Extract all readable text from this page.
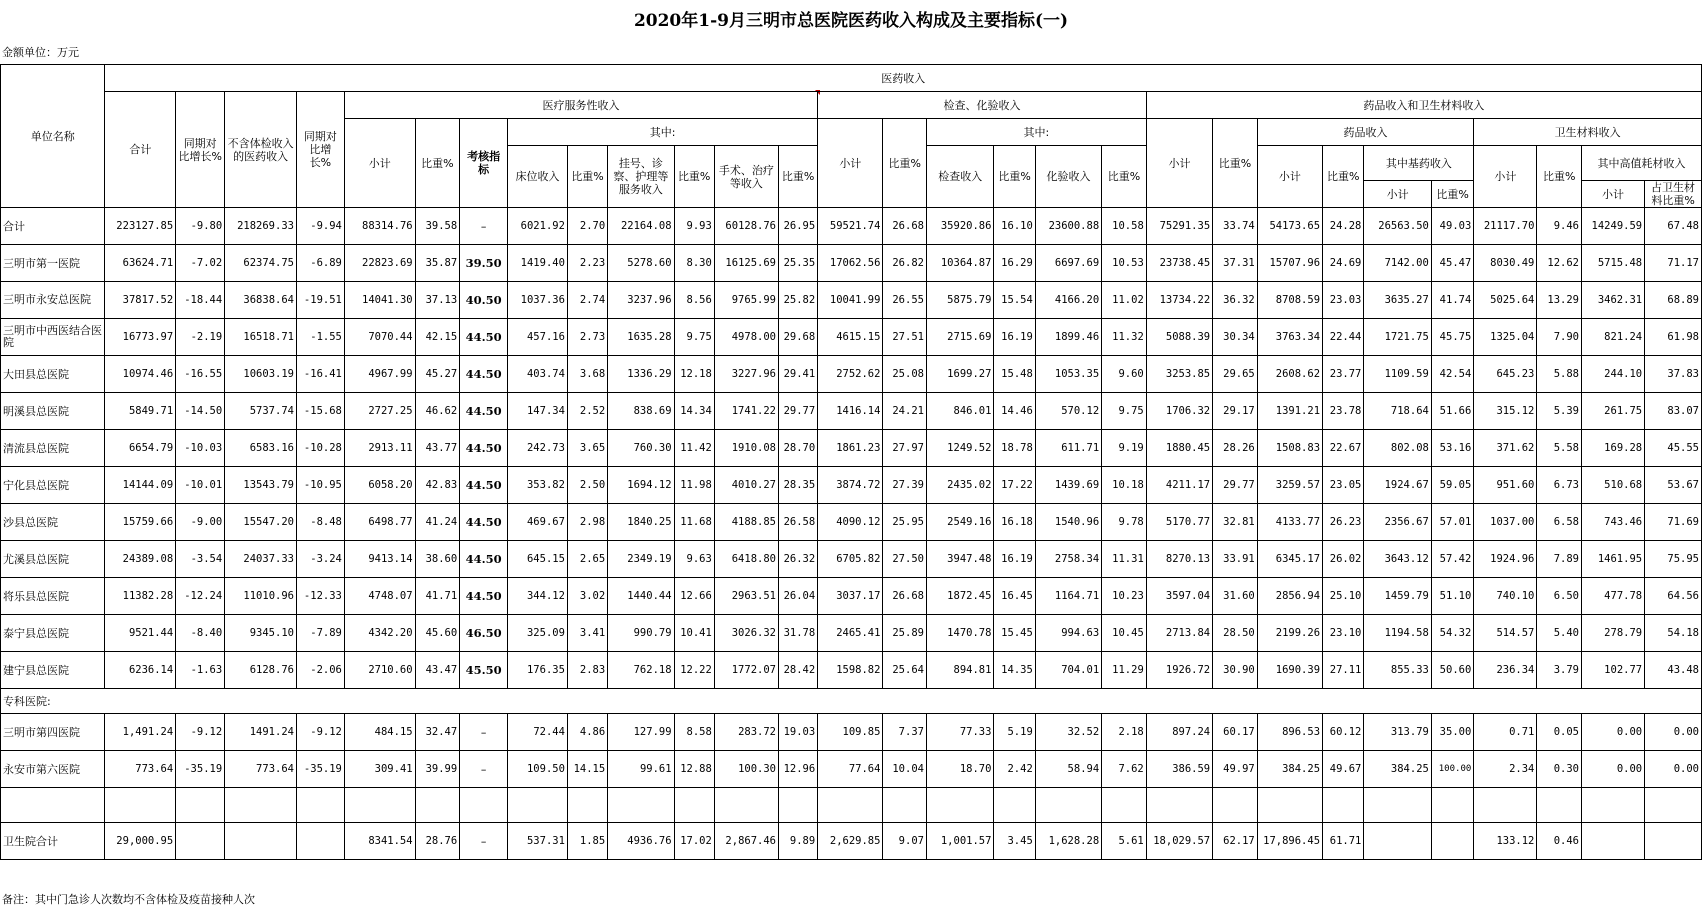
2020年1-9月三明市总医院医药收入构成及主要指标(一)
金额单位：万元
单位名称	医药收入																												
	合计	同期对比增长%	不含体检收入的医药收入	同期对比增长%	医疗服务性收入									检查、化验收入						药品收入和卫生材料收入									
					小计	比重%	考核指标	其中:						小计	比重%	其中:				小计	比重%	药品收入				卫生材料收入			
								床位收入	比重%	挂号、诊察、护理等服务收入	比重%	手术、治疗等收入	比重%			检查收入	比重%	化验收入	比重%			小计	比重%	其中基药收入		小计	比重%	其中高值耗材收入	
																								小计	比重%			小计	占卫生材料比重%
合计	223127.85	-9.80	218269.33	-9.94	88314.76	39.58	–	6021.92	2.70	22164.08	9.93	60128.76	26.95	59521.74	26.68	35920.86	16.10	23600.88	10.58	75291.35	33.74	54173.65	24.28	26563.50	49.03	21117.70	9.46	14249.59	67.48
三明市第一医院	63624.71	-7.02	62374.75	-6.89	22823.69	35.87	39.50	1419.40	2.23	5278.60	8.30	16125.69	25.35	17062.56	26.82	10364.87	16.29	6697.69	10.53	23738.45	37.31	15707.96	24.69	7142.00	45.47	8030.49	12.62	5715.48	71.17
三明市永安总医院	37817.52	-18.44	36838.64	-19.51	14041.30	37.13	40.50	1037.36	2.74	3237.96	8.56	9765.99	25.82	10041.99	26.55	5875.79	15.54	4166.20	11.02	13734.22	36.32	8708.59	23.03	3635.27	41.74	5025.64	13.29	3462.31	68.89
三明市中西医结合医院	16773.97	-2.19	16518.71	-1.55	7070.44	42.15	44.50	457.16	2.73	1635.28	9.75	4978.00	29.68	4615.15	27.51	2715.69	16.19	1899.46	11.32	5088.39	30.34	3763.34	22.44	1721.75	45.75	1325.04	7.90	821.24	61.98
大田县总医院	10974.46	-16.55	10603.19	-16.41	4967.99	45.27	44.50	403.74	3.68	1336.29	12.18	3227.96	29.41	2752.62	25.08	1699.27	15.48	1053.35	9.60	3253.85	29.65	2608.62	23.77	1109.59	42.54	645.23	5.88	244.10	37.83
明溪县总医院	5849.71	-14.50	5737.74	-15.68	2727.25	46.62	44.50	147.34	2.52	838.69	14.34	1741.22	29.77	1416.14	24.21	846.01	14.46	570.12	9.75	1706.32	29.17	1391.21	23.78	718.64	51.66	315.12	5.39	261.75	83.07
清流县总医院	6654.79	-10.03	6583.16	-10.28	2913.11	43.77	44.50	242.73	3.65	760.30	11.42	1910.08	28.70	1861.23	27.97	1249.52	18.78	611.71	9.19	1880.45	28.26	1508.83	22.67	802.08	53.16	371.62	5.58	169.28	45.55
宁化县总医院	14144.09	-10.01	13543.79	-10.95	6058.20	42.83	44.50	353.82	2.50	1694.12	11.98	4010.27	28.35	3874.72	27.39	2435.02	17.22	1439.69	10.18	4211.17	29.77	3259.57	23.05	1924.67	59.05	951.60	6.73	510.68	53.67
沙县总医院	15759.66	-9.00	15547.20	-8.48	6498.77	41.24	44.50	469.67	2.98	1840.25	11.68	4188.85	26.58	4090.12	25.95	2549.16	16.18	1540.96	9.78	5170.77	32.81	4133.77	26.23	2356.67	57.01	1037.00	6.58	743.46	71.69
尤溪县总医院	24389.08	-3.54	24037.33	-3.24	9413.14	38.60	44.50	645.15	2.65	2349.19	9.63	6418.80	26.32	6705.82	27.50	3947.48	16.19	2758.34	11.31	8270.13	33.91	6345.17	26.02	3643.12	57.42	1924.96	7.89	1461.95	75.95
将乐县总医院	11382.28	-12.24	11010.96	-12.33	4748.07	41.71	44.50	344.12	3.02	1440.44	12.66	2963.51	26.04	3037.17	26.68	1872.45	16.45	1164.71	10.23	3597.04	31.60	2856.94	25.10	1459.79	51.10	740.10	6.50	477.78	64.56
泰宁县总医院	9521.44	-8.40	9345.10	-7.89	4342.20	45.60	46.50	325.09	3.41	990.79	10.41	3026.32	31.78	2465.41	25.89	1470.78	15.45	994.63	10.45	2713.84	28.50	2199.26	23.10	1194.58	54.32	514.57	5.40	278.79	54.18
建宁县总医院	6236.14	-1.63	6128.76	-2.06	2710.60	43.47	45.50	176.35	2.83	762.18	12.22	1772.07	28.42	1598.82	25.64	894.81	14.35	704.01	11.29	1926.72	30.90	1690.39	27.11	855.33	50.60	236.34	3.79	102.77	43.48
专科医院:																													
三明市第四医院	1,491.24	-9.12	1491.24	-9.12	484.15	32.47	–	72.44	4.86	127.99	8.58	283.72	19.03	109.85	7.37	77.33	5.19	32.52	2.18	897.24	60.17	896.53	60.12	313.79	35.00	0.71	0.05	0.00	0.00
永安市第六医院	773.64	-35.19	773.64	-35.19	309.41	39.99	–	109.50	14.15	99.61	12.88	100.30	12.96	77.64	10.04	18.70	2.42	58.94	7.62	386.59	49.97	384.25	49.67	384.25	100.00	2.34	0.30	0.00	0.00

卫生院合计	29,000.95				8341.54	28.76	–	537.31	1.85	4936.76	17.02	2,867.46	9.89	2,629.85	9.07	1,001.57	3.45	1,628.28	5.61	18,029.57	62.17	17,896.45	61.71			133.12	0.46		
备注：其中门急诊人次数均不含体检及疫苗接种人次
